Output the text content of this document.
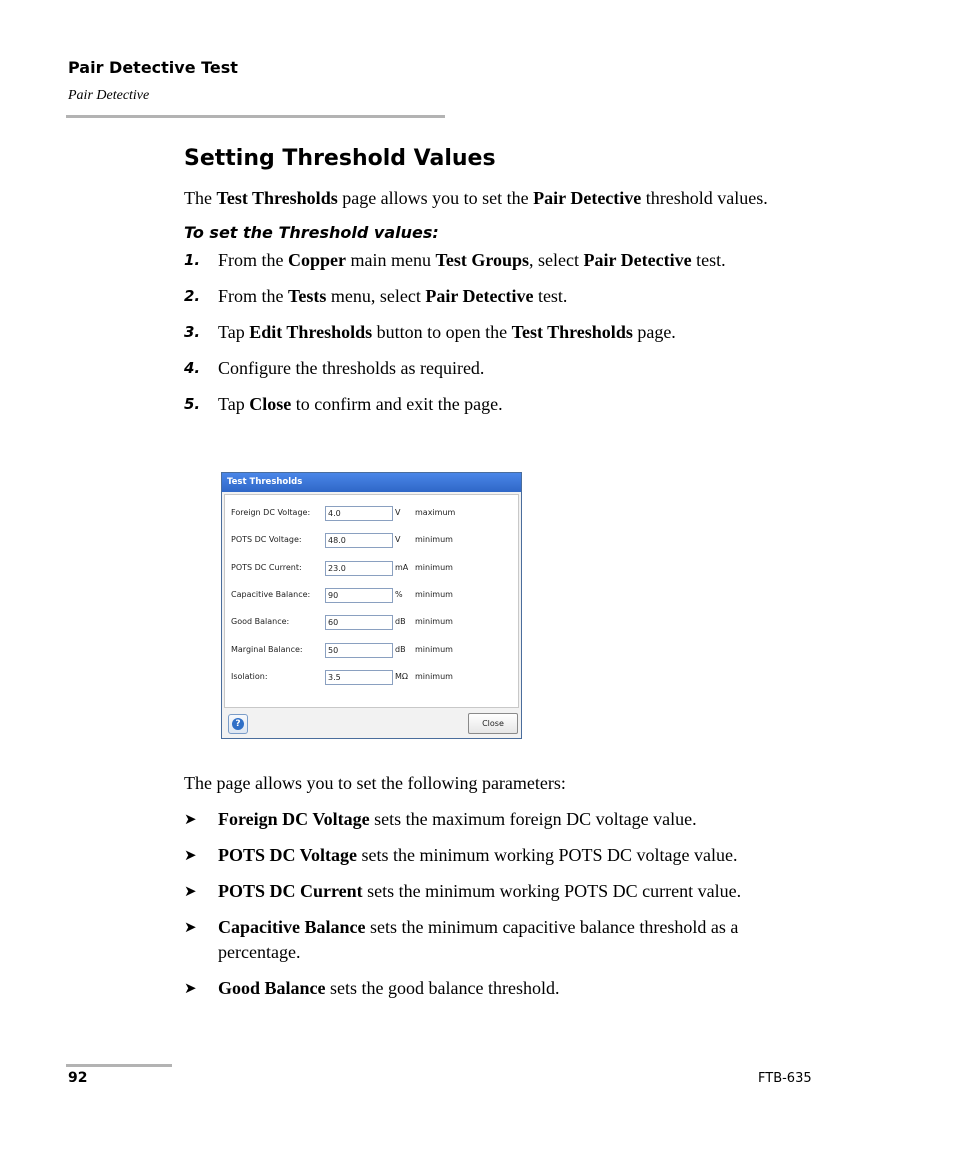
Pair Detective Test
Pair Detective
Setting Threshold Values
The Test Thresholds page allows you to set the Pair Detective threshold values.
To set the Threshold values:
1. From the Copper main menu Test Groups, select Pair Detective test.
2. From the Tests menu, select Pair Detective test.
3. Tap Edit Thresholds button to open the Test Thresholds page.
4. Configure the thresholds as required.
5. Tap Close to confirm and exit the page.
Test Thresholds
Foreign DC Voltage:	4.0	V maximum
POTS DC Voltage:	48.0	V minimum
POTS DC Current:	23.0	mA minimum
Capacitive Balance:	90	% minimum
Good Balance:	60	dB minimum
Marginal Balance:	50	dB minimum
Isolation:	3.5	MΩ minimum
?	Close
The page allows you to set the following parameters:
➤ Foreign DC Voltage sets the maximum foreign DC voltage value.
➤ POTS DC Voltage sets the minimum working POTS DC voltage value.
➤ POTS DC Current sets the minimum working POTS DC current value.
➤ Capacitive Balance sets the minimum capacitive balance threshold as a percentage.
➤ Good Balance sets the good balance threshold.
92	FTB-635
